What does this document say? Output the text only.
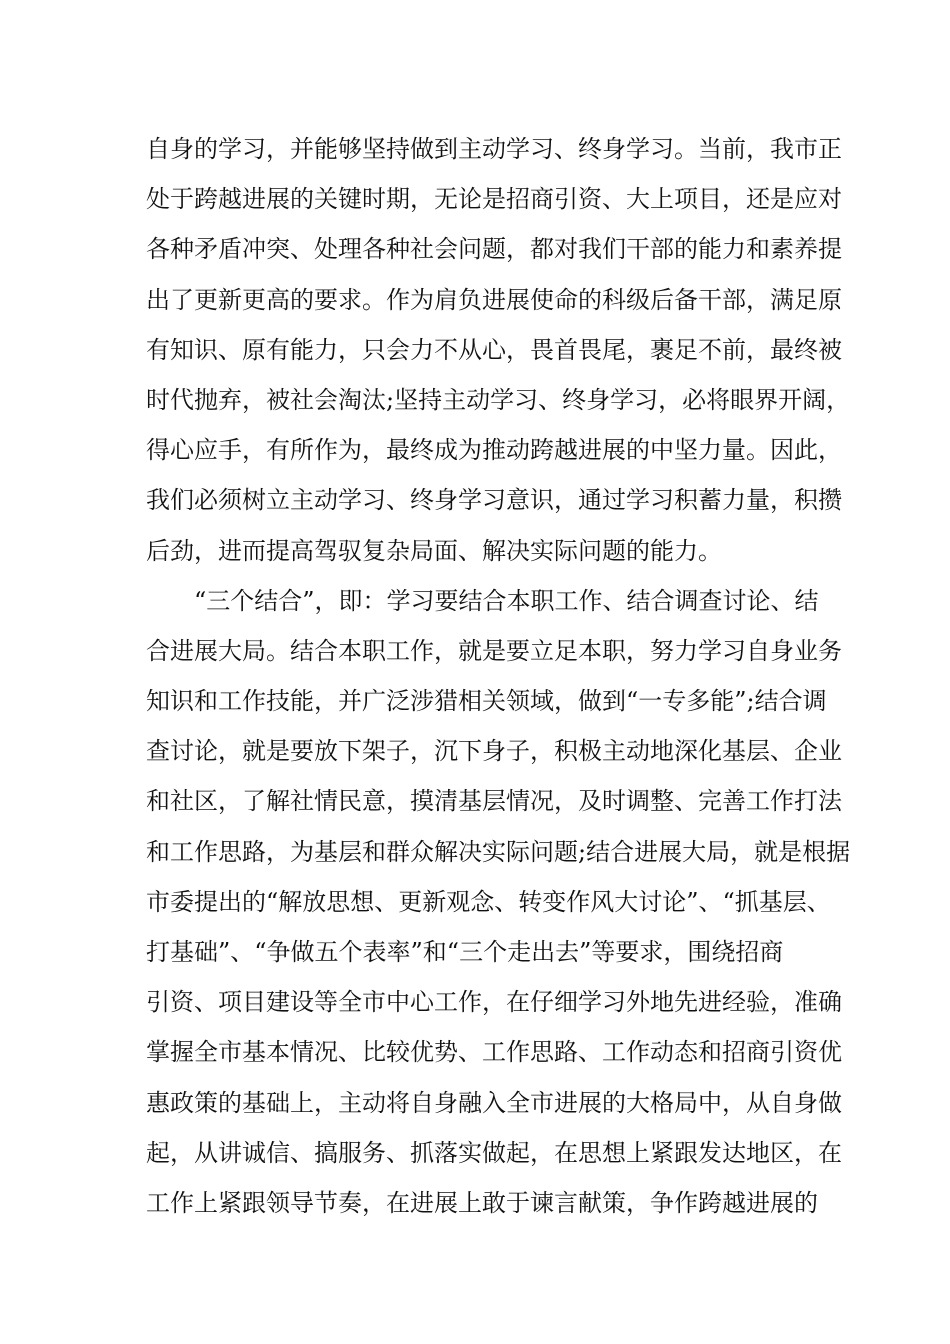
自身的学习，并能够坚持做到主动学习、终身学习。当前，我市正
处于跨越进展的关键时期，无论是招商引资、大上项目，还是应对
各种矛盾冲突、处理各种社会问题，都对我们干部的能力和素养提
出了更新更高的要求。作为肩负进展使命的科级后备干部，满足原
有知识、原有能力，只会力不从心，畏首畏尾，裹足不前，最终被
时代抛弃，被社会淘汰;坚持主动学习、终身学习，必将眼界开阔，
得心应手，有所作为，最终成为推动跨越进展的中坚力量。因此，
我们必须树立主动学习、终身学习意识，通过学习积蓄力量，积攒
后劲，进而提高驾驭复杂局面、解决实际问题的能力。
“三个结合”，即：学习要结合本职工作、结合调查讨论、结
合进展大局。结合本职工作，就是要立足本职，努力学习自身业务
知识和工作技能，并广泛涉猎相关领域，做到“一专多能”;结合调
查讨论，就是要放下架子，沉下身子，积极主动地深化基层、企业
和社区，了解社情民意，摸清基层情况，及时调整、完善工作打法
和工作思路，为基层和群众解决实际问题;结合进展大局，就是根据
市委提出的“解放思想、更新观念、转变作风大讨论”、“抓基层、
打基础”、“争做五个表率”和“三个走出去”等要求，围绕招商
引资、项目建设等全市中心工作，在仔细学习外地先进经验，准确
掌握全市基本情况、比较优势、工作思路、工作动态和招商引资优
惠政策的基础上，主动将自身融入全市进展的大格局中，从自身做
起，从讲诚信、搞服务、抓落实做起，在思想上紧跟发达地区，在
工作上紧跟领导节奏，在进展上敢于谏言献策，争作跨越进展的
